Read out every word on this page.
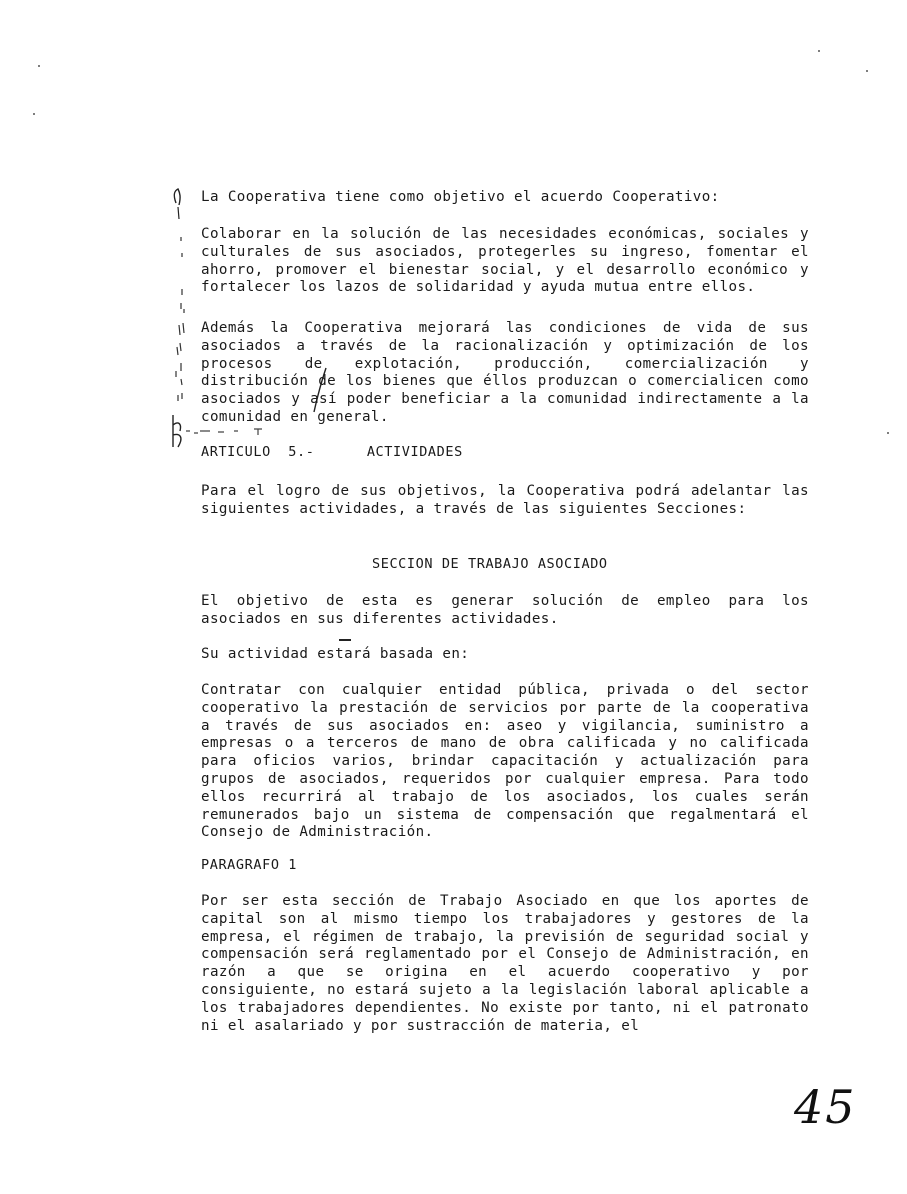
La Cooperativa tiene como objetivo el acuerdo Cooperativo:

Colaborar en la solución de las necesidades económicas, sociales y culturales de sus asociados, protegerles su ingreso, fomentar el ahorro, promover el bienestar social, y el desarrollo económico y fortalecer los lazos de solidaridad y ayuda mutua entre ellos.

Además la Cooperativa mejorará las condiciones de vida de sus asociados a través de la racionalización y optimización de los procesos de explotación, producción, comercialización y distribución de los bienes que éllos produzcan o comercialicen como asociados y así poder beneficiar a la comunidad indirectamente a la comunidad en general.

ARTICULO  5.-      ACTIVIDADES

Para el logro de sus objetivos, la Cooperativa podrá adelantar las siguientes actividades, a través de las siguientes Secciones:

SECCION DE TRABAJO ASOCIADO

El objetivo de esta es generar solución de empleo para los asociados en sus diferentes actividades.

Su actividad estará basada en:

Contratar con cualquier entidad pública, privada o del sector cooperativo la prestación de servicios por parte de la cooperativa a través de sus asociados en: aseo y vigilancia, suministro a empresas o a terceros de mano de obra calificada y no calificada para oficios varios, brindar capacitación y actualización para grupos de asociados, requeridos por cualquier empresa. Para todo ellos recurrirá al trabajo de los asociados, los cuales serán remunerados bajo un sistema de compensación que regalmentará el Consejo de Administración.

PARAGRAFO 1

Por ser esta sección de Trabajo Asociado en que los aportes de capital son al mismo tiempo los trabajadores y gestores de la empresa, el régimen de trabajo, la previsión de seguridad social y compensación será reglamentado por el Consejo de Administración, en razón a que se origina en el acuerdo cooperativo y por consiguiente, no estará sujeto a la legislación laboral aplicable a los trabajadores dependientes. No existe por tanto, ni el patronato ni el asalariado y por sustracción de materia, el

45
